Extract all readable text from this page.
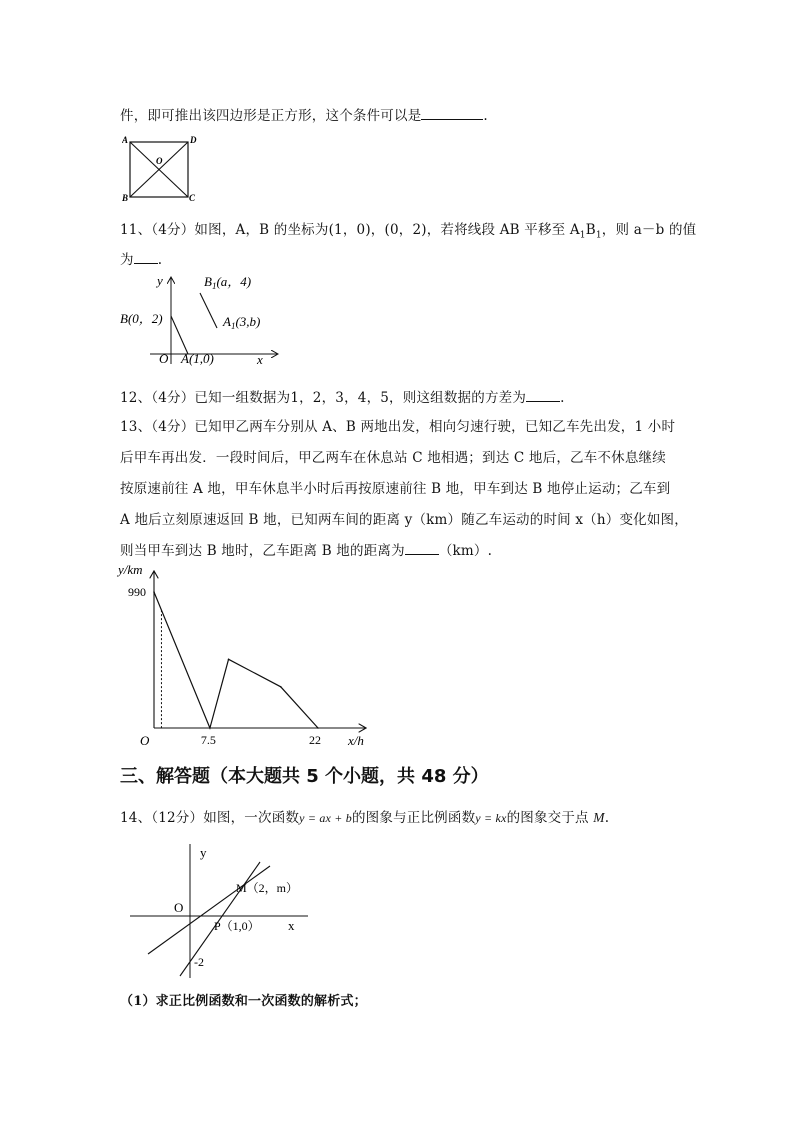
件，即可推出该四边形是正方形，这个条件可以是	.
A	D
B	C
O
11、（4分）如图，A，B 的坐标为(1，0)，(0，2)，若将线段 AB 平移至 $A_1B_1$，则 a－b 的值
为 .
y
x
O
B(0，2)
A(1,0)
$B_1(a$，4)
$A_1(3,b)$
12、（4分）已知一组数据为1，2，3，4，5，则这组数据的方差为	.
13、（4分）已知甲乙两车分别从 A、B 两地出发，相向匀速行驶，已知乙车先出发，1 小时
后甲车再出发．一段时间后，甲乙两车在休息站 C 地相遇；到达 C 地后，乙车不休息继续
按原速前往 A 地，甲车休息半小时后再按原速前往 B 地，甲车到达 B 地停止运动；乙车到
A 地后立刻原速返回 B 地，已知两车间的距离 y（km）随乙车运动的时间 x（h）变化如图，
则当甲车到达 B 地时，乙车距离 B 地的距离为	（km）.
990
7.5	22
y/km
x/h
O
三、解答题（本大题共 5 个小题，共 48 分）
14、（12分）如图，一次函数y = ax + b的图象与正比例函数y = kx的图象交于点 M.
y
x
O
M（2，m）
P（1,0）
-2
（1）求正比例函数和一次函数的解析式；
